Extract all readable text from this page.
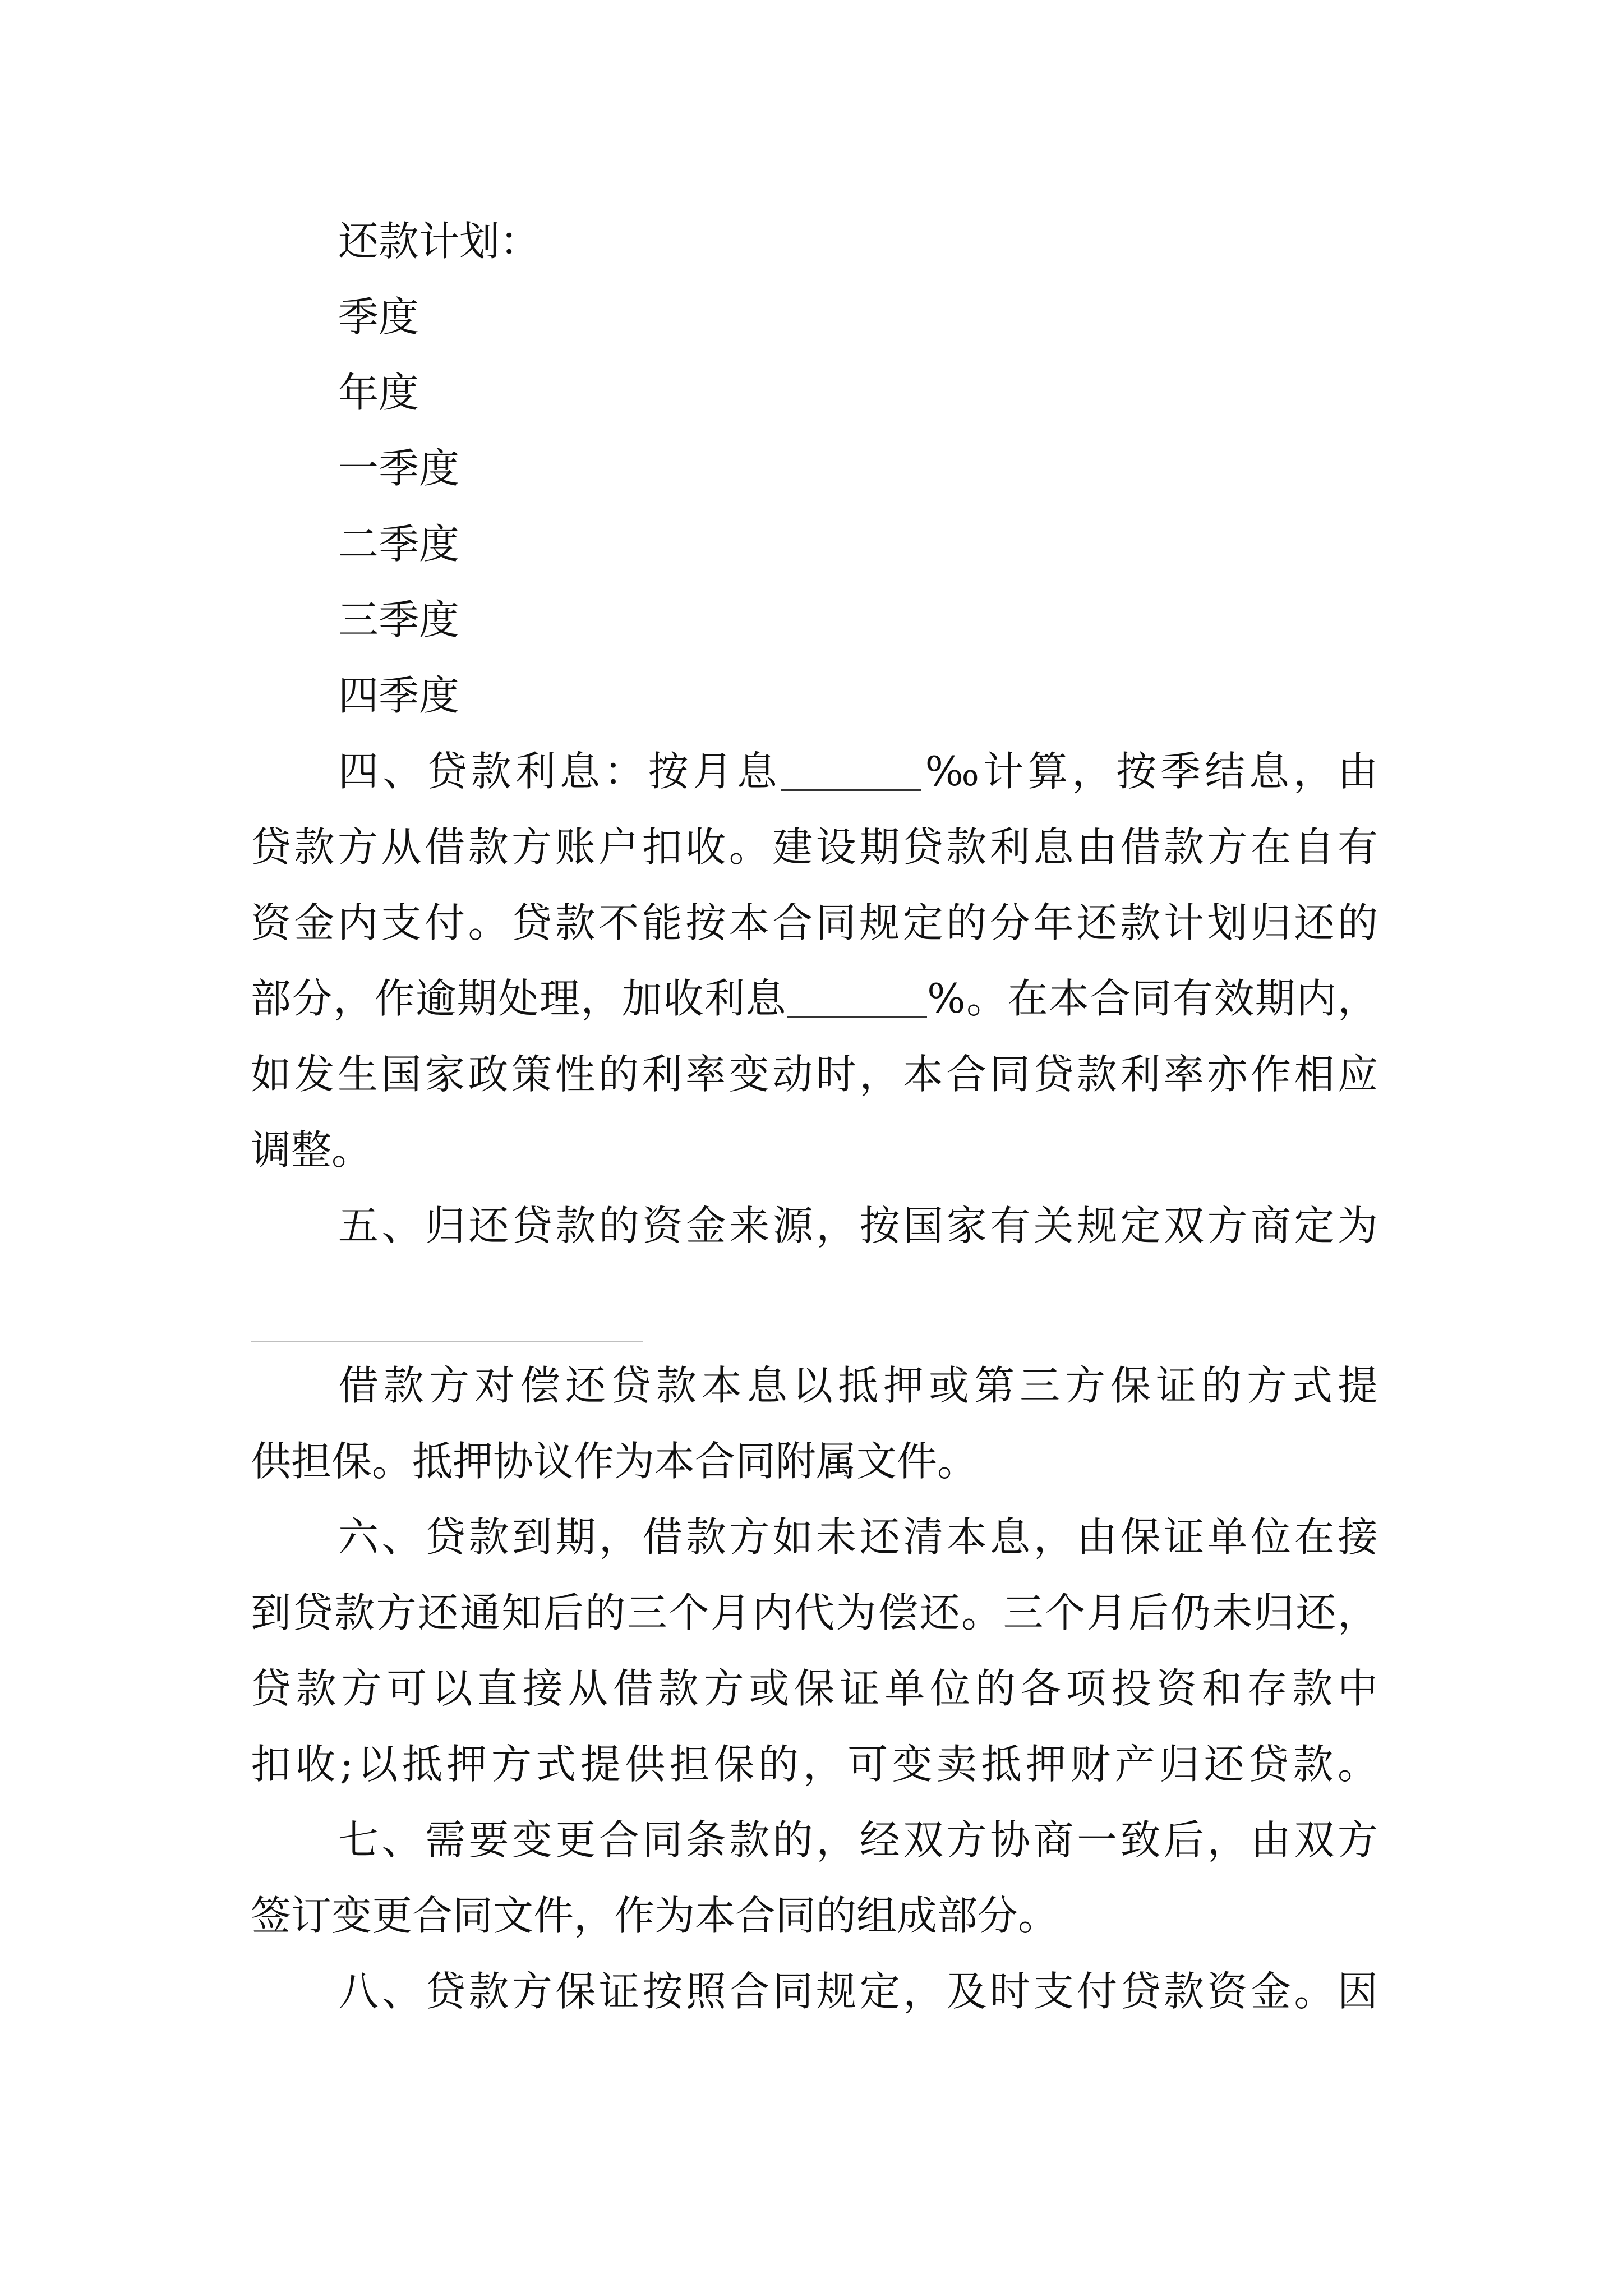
还款计划：
季度
年度
一季度
二季度
三季度
四季度
四、贷款利息：按月息	‰计算，按季结息，由
贷款方从借款方账户扣收。建设期贷款利息由借款方在自有
资金内支付。贷款不能按本合同规定的分年还款计划归还的
部分，作逾期处理，加收利息	%。在本合同有效期内，
如发生国家政策性的利率变动时，本合同贷款利率亦作相应
调整。
五、归还贷款的资金来源，按国家有关规定双方商定为
借款方对偿还贷款本息以抵押或第三方保证的方式提
供担保。抵押协议作为本合同附属文件。
六、贷款到期，借款方如未还清本息，由保证单位在接
到贷款方还通知后的三个月内代为偿还。三个月后仍未归还，
贷款方可以直接从借款方或保证单位的各项投资和存款中
扣收;以抵押方式提供担保的，可变卖抵押财产归还贷款。
七、需要变更合同条款的，经双方协商一致后，由双方
签订变更合同文件，作为本合同的组成部分。
八、贷款方保证按照合同规定，及时支付贷款资金。因
